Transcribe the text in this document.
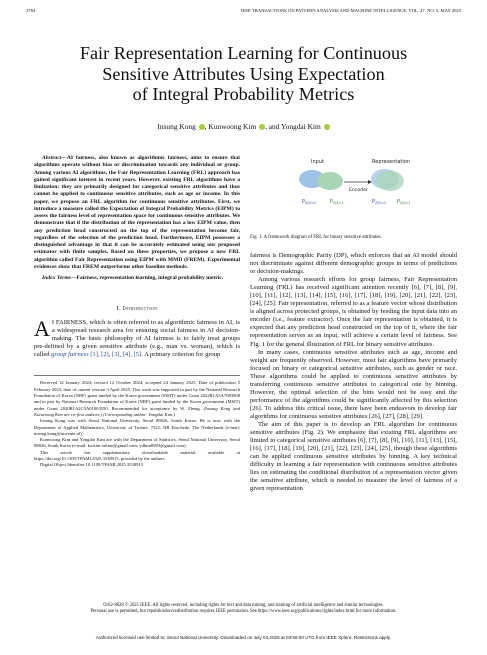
3784	IEEE TRANSACTIONS ON PATTERN ANALYSIS AND MACHINE INTELLIGENCE, VOL. 47, NO. 5, MAY 2025
Fair Representation Learning for Continuous
Sensitive Attributes Using Expectation
of Integral Probability Metrics
Insung Kong , Kunwoong Kim , and Yongdai Kim

Abstract—AI fairness, also known as algorithmic fairness, aims to ensure that algorithms operate without bias or discrimination towards any individual or group. Among various AI algorithms, the Fair Representation Learning (FRL) approach has gained significant interest in recent years. However, existing FRL algorithms have a limitation: they are primarily designed for categorical sensitive attributes and thus cannot be applied to continuous sensitive attributes, such as age or income. In this paper, we propose an FRL algorithm for continuous sensitive attributes. First, we introduce a measure called the Expectation of Integral Probability Metrics (EIPM) to assess the fairness level of representation space for continuous sensitive attributes. We demonstrate that if the distribution of the representation has a low EIPM value, then any prediction head constructed on the top of the representation become fair, regardless of the selection of the prediction head. Furthermore, EIPM possesses a distinguished advantage in that it can be accurately estimated using our proposed estimator with finite samples. Based on these properties, we propose a new FRL algorithm called Fair Representation using EIPM with MMD (FREM). Experimental evidences show that FREM outperforms other baseline methods.

Index Terms—Fairness, representation learning, integral probability metric.

I. Introduction

A I FAIRNESS, which is often referred to as algorithmic fairness in AI, is a widespread research area for ensuring social fairness in AI decision-making. The basic philosophy of AI fairness is to fairly treat groups pre-defined by a given sensitive attribute (e.g., man vs. woman), which is called group fairness [1], [2], [3], [4], [5]. A primary criterion for group

Received 12 January 2024; revised 12 October 2024; accepted 24 January 2025. Date of publication 5 February 2025; date of current version 3 April 2025. This work was supported in part by the National Research Foundation of Korea (NRF) grant funded by the Korea government (MSIT) under Grant 2022R1A5A7083908 and in part by National Research Foundation of Korea (NRF) grant funded by the Korea government (MSIT) under Grant 2020R1A2C3A01003550. Recommended for acceptance by W. Zheng. (Insung Kong and Kunwoong Kim are co-first authors.) (Corresponding author: Yongdai Kim.)

Insung Kong was with Seoul National University, Seoul 08826, South Korea. He is now with the Department of Applied Mathematics, University of Twente, 7522, NB Enschede, The Netherlands (e-mail: insung.kong@utwente.nl).

Kunwoong Kim and Yongdai Kim are with the Department of Statistics, Seoul National University, Seoul 08826, South Korea (e-mail: kwkim.online@gmail.com; ydkim0903@gmail.com).

This article has supplementary downloadable material available at https://doi.org/10.1109/TPAMI.2025.3538915, provided by the authors.

Digital Object Identifier 10.1109/TPAMI.2025.3538915

Input	Representation
Encoder
$P_{X|S=0}$	$P_{X|S=1}$	$P_{Z|S=0}$ $P_{Z|S=1}$
Fig. 1. A framework diagram of FRL for binary sensitive attributes.

fairness is Demographic Parity (DP), which enforces that an AI model should not discriminate against different demographic groups in terms of predictions or decision-makings.

Among various research efforts for group fairness, Fair Representation Learning (FRL) has received significant attention recently [6], [7], [8], [9], [10], [11], [12], [13], [14], [15], [16], [17], [18], [19], [20], [21], [22], [23], [24], [25]. Fair representation, referred to as a feature vector whose distribution is aligned across protected groups, is obtained by feeding the input data into an encoder (i.e., feature extractor). Once the fair representation is obtained, it is expected that any prediction head constructed on the top of it, where the fair representation serves as an input, will achieve a certain level of fairness. See Fig. 1 for the general illustration of FRL for binary sensitive attributes.

In many cases, continuous sensitive attributes such as age, income and weight are frequently observed. However, most fair algorithms have primarily focused on binary or categorical sensitive attributes, such as gender or race. These algorithms could be applied to continuous sensitive attributes by transferring continuous sensitive attributes to categorical one by binning. However, the optimal selection of the bins would not be easy and the performance of the algorithms could be significantly affected by this selection [26]. To address this critical issue, there have been endeavors to develop fair algorithms for continuous sensitive attributes [26], [27], [28], [29].

The aim of this paper is to develop an FRL algorithm for continuous sensitive attributes (Fig. 2). We emphasize that existing FRL algorithms are limited to categorical sensitive attributes [6], [7], [8], [9], [10], [11], [13], [15], [16], [17], [18], [19], [20], [21], [22], [23], [24], [25], though these algorithms can be applied continuous sensitive attributes by binning. A key technical difficulty in learning a fair representation with continuous sensitive attributes lies on estimating the conditional distribution of a representation vector given the sensitive attribute, which is needed to measure the level of fairness of a given representation

0162-8828 © 2025 IEEE. All rights reserved, including rights for text and data mining, and training of artificial intelligence and similar technologies.
Personal use is permitted, but republication/redistribution requires IEEE permission. See https://www.ieee.org/publications/rights/index.html for more information.
Authorized licensed use limited to: Seoul National University. Downloaded on July 04,2025 at 03:58:00 UTC from IEEE Xplore. Restrictions apply.
